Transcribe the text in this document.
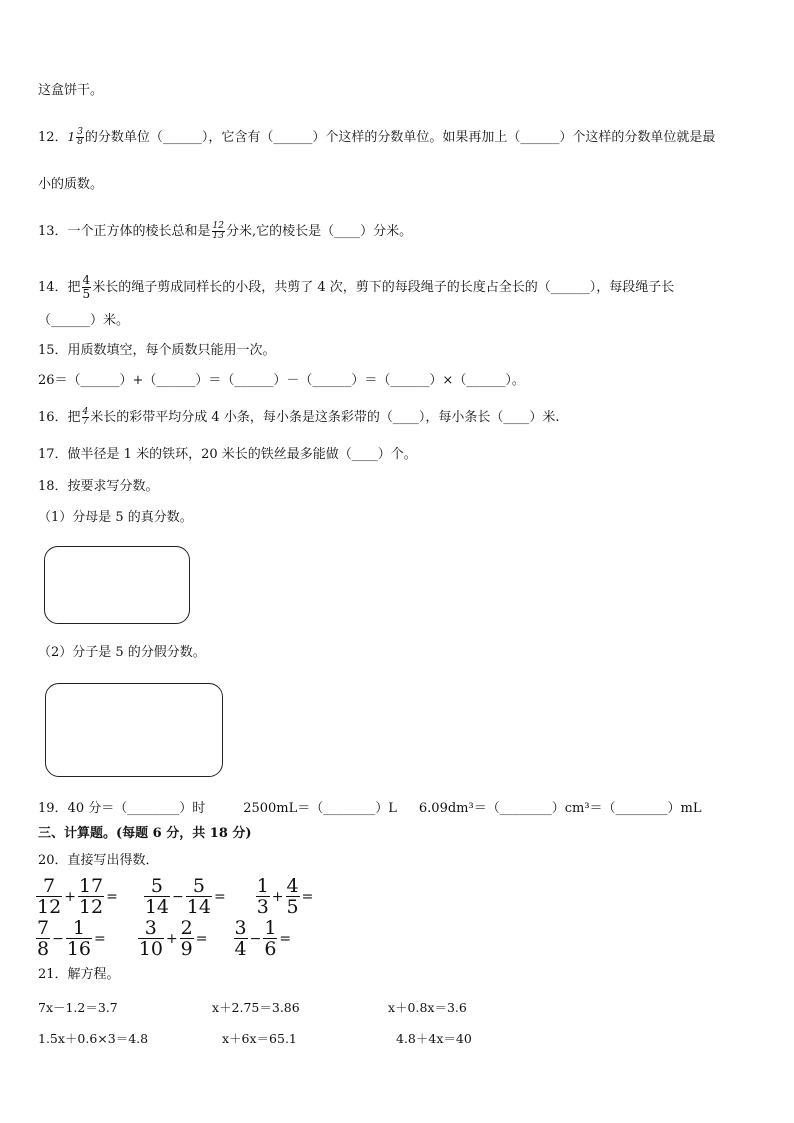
这盒饼干。
12．$1 \frac{3}{8}$ 的分数单位（______），它含有（______）个这样的分数单位。如果再加上（______）个这样的分数单位就是最
小的质数。
13．一个正方体的棱长总和是 $\frac{12}{13}$ 分米,它的棱长是（____）分米。
14．把 $\frac{4}{5}$ 米长的绳子剪成同样长的小段，共剪了 4 次，剪下的每段绳子的长度占全长的（______），每段绳子长
（______）米。
15．用质数填空，每个质数只能用一次。
26＝（______）+（______）＝（______）－（______）＝（______）×（______）。
16．把 $\frac{4}{7}$ 米长的彩带平均分成 4 小条，每小条是这条彩带的（____），每小条长（____）米.
17．做半径是 1 米的铁环，20 米长的铁丝最多能做（____）个。
18．按要求写分数。
（1）分母是 5 的真分数。
（2）分子是 5 的分假分数。
19．40 分＝（________）时	2500mL＝（________）L 6.09dm³＝（________）cm³＝（________）mL
三、计算题。(每题 6 分，共 18 分)
20．直接写出得数．
$\frac{7}{12} + \frac{17}{12} = \frac{5}{14} - \frac{5}{14} = \frac{1}{3} + \frac{4}{5}$ =
$\frac{7}{8} - \frac{1}{16} = \frac{3}{10} + \frac{2}{9} = \frac{3}{4} - \frac{1}{6}$ =
21．解方程。
7x－1.2＝3.7	x＋2.75＝3.86	x＋0.8x＝3.6
1.5x＋0.6×3＝4.8	x＋6x＝65.1	4.8＋4x＝40
